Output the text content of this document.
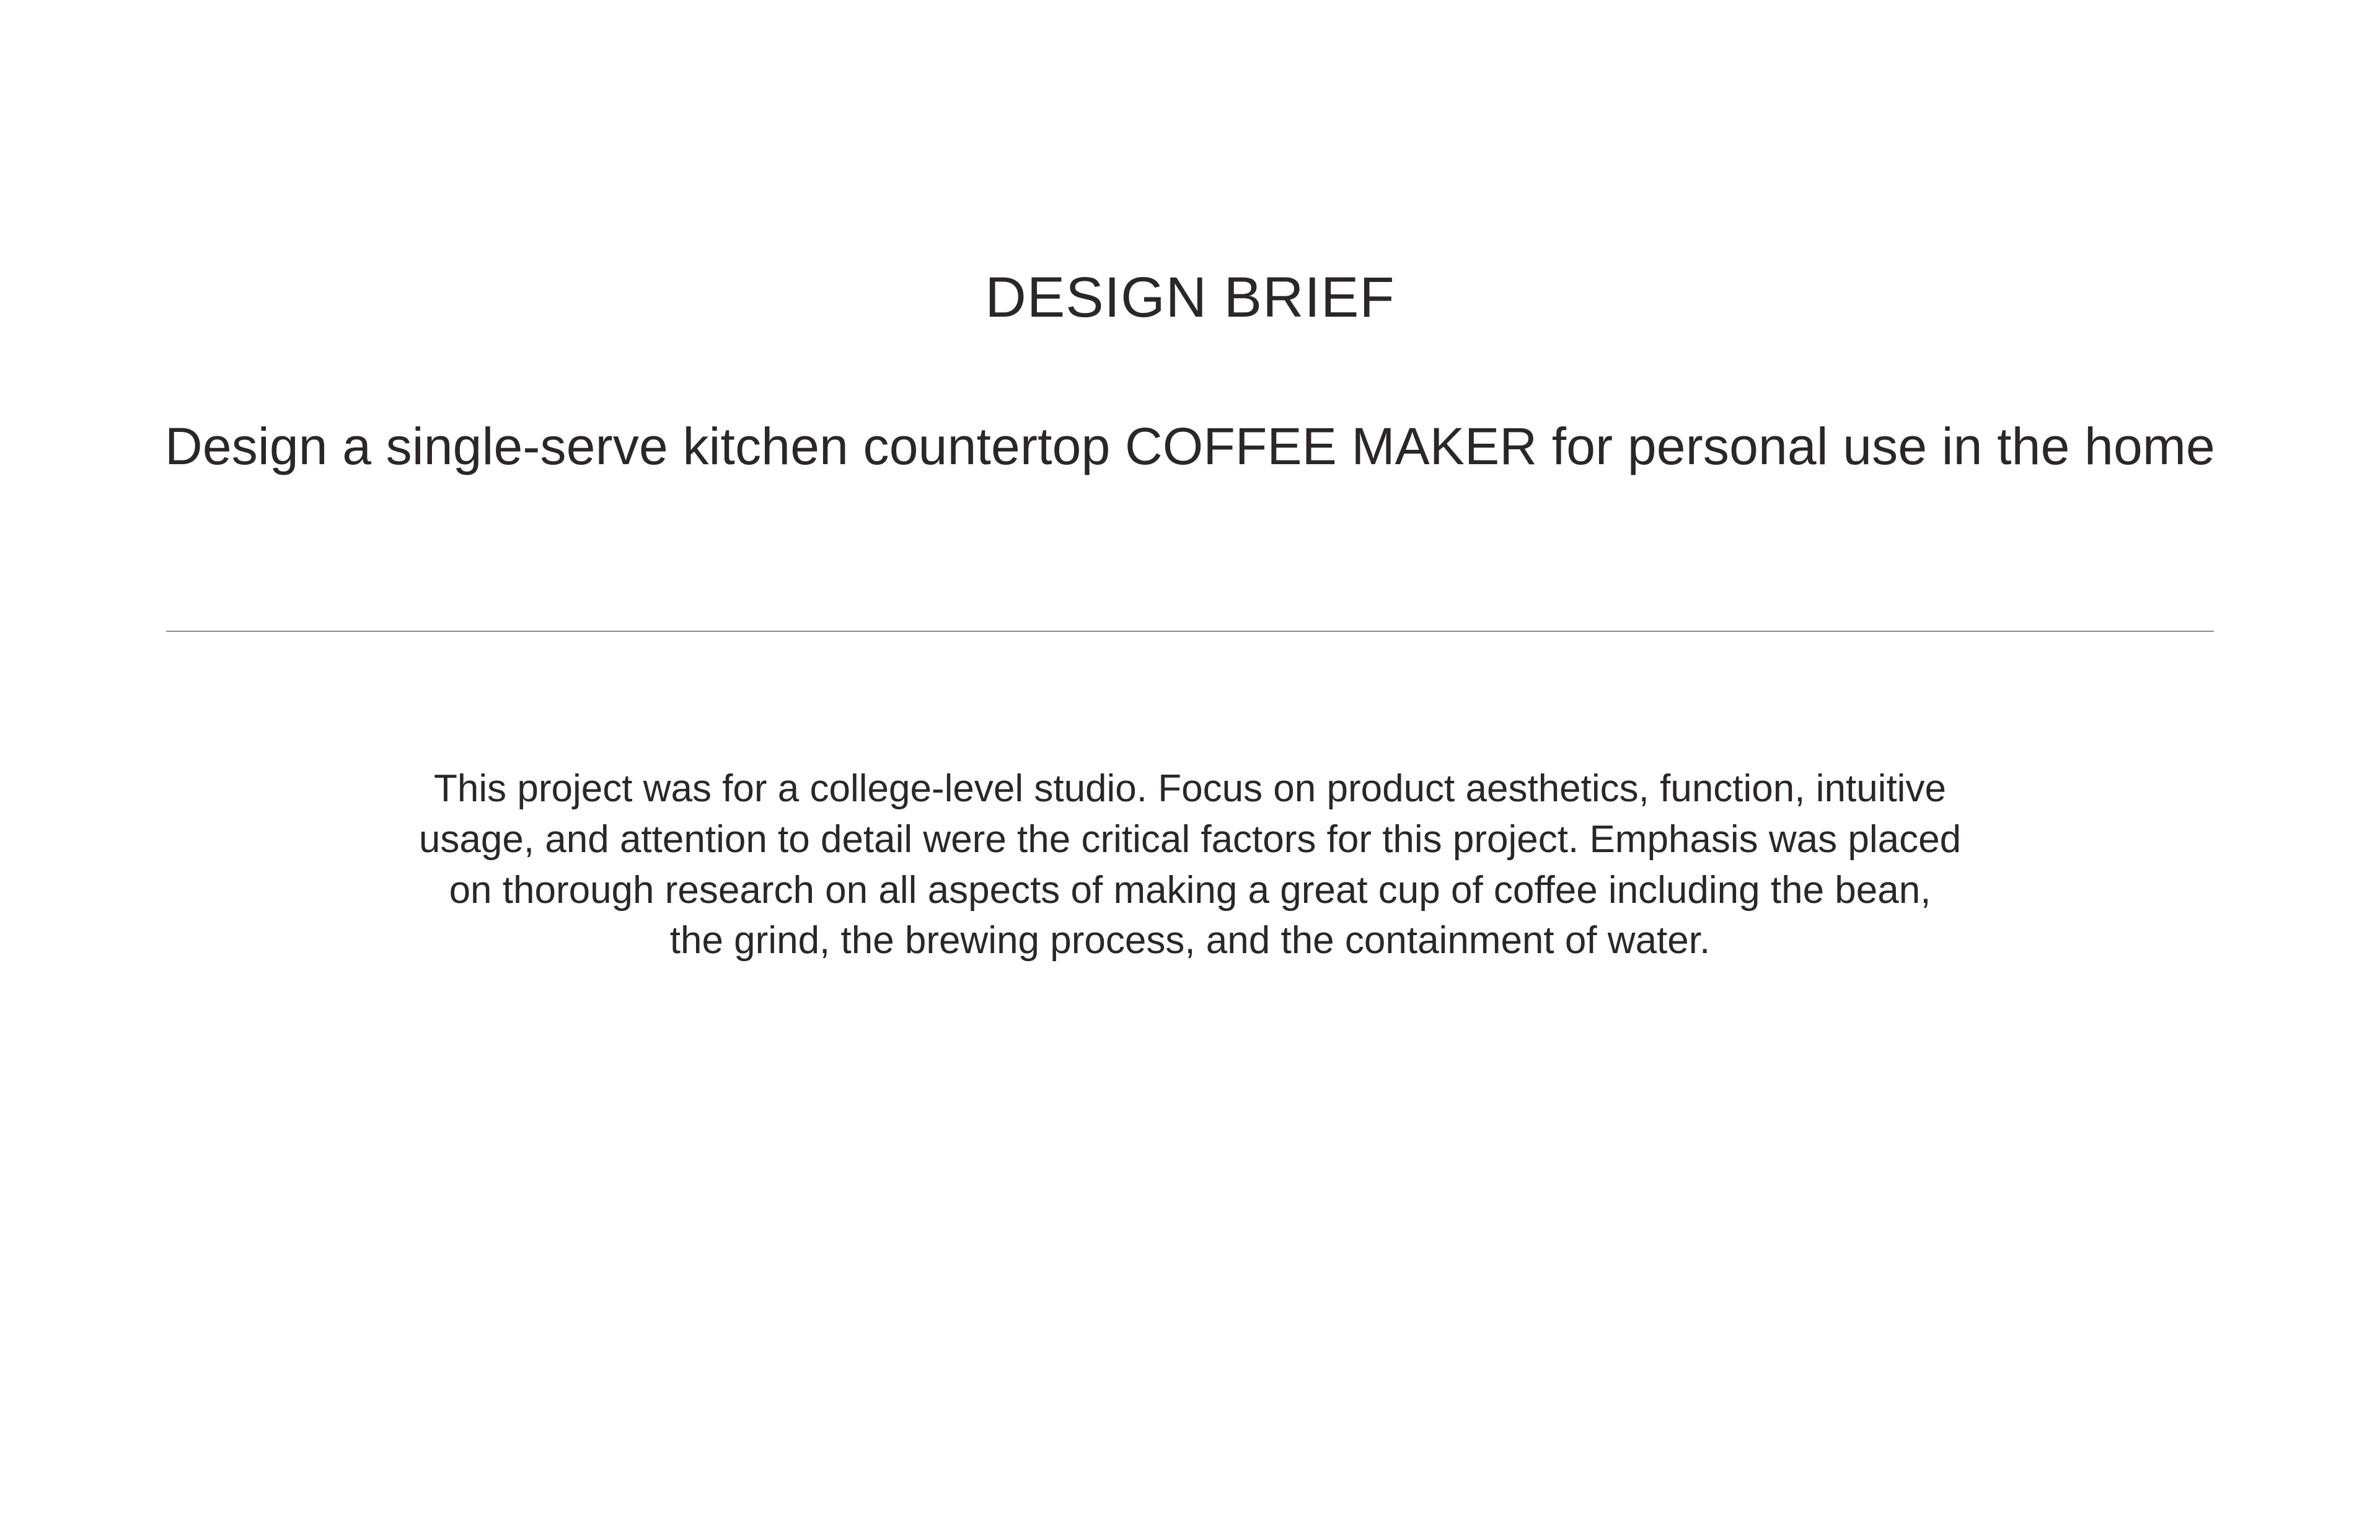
DESIGN BRIEF
Design a single-serve kitchen countertop COFFEE MAKER for personal use in the home
This project was for a college-level studio. Focus on product aesthetics, function, intuitive
usage, and attention to detail were the critical factors for this project. Emphasis was placed
on thorough research on all aspects of making a great cup of coffee including the bean,
the grind, the brewing process, and the containment of water.
